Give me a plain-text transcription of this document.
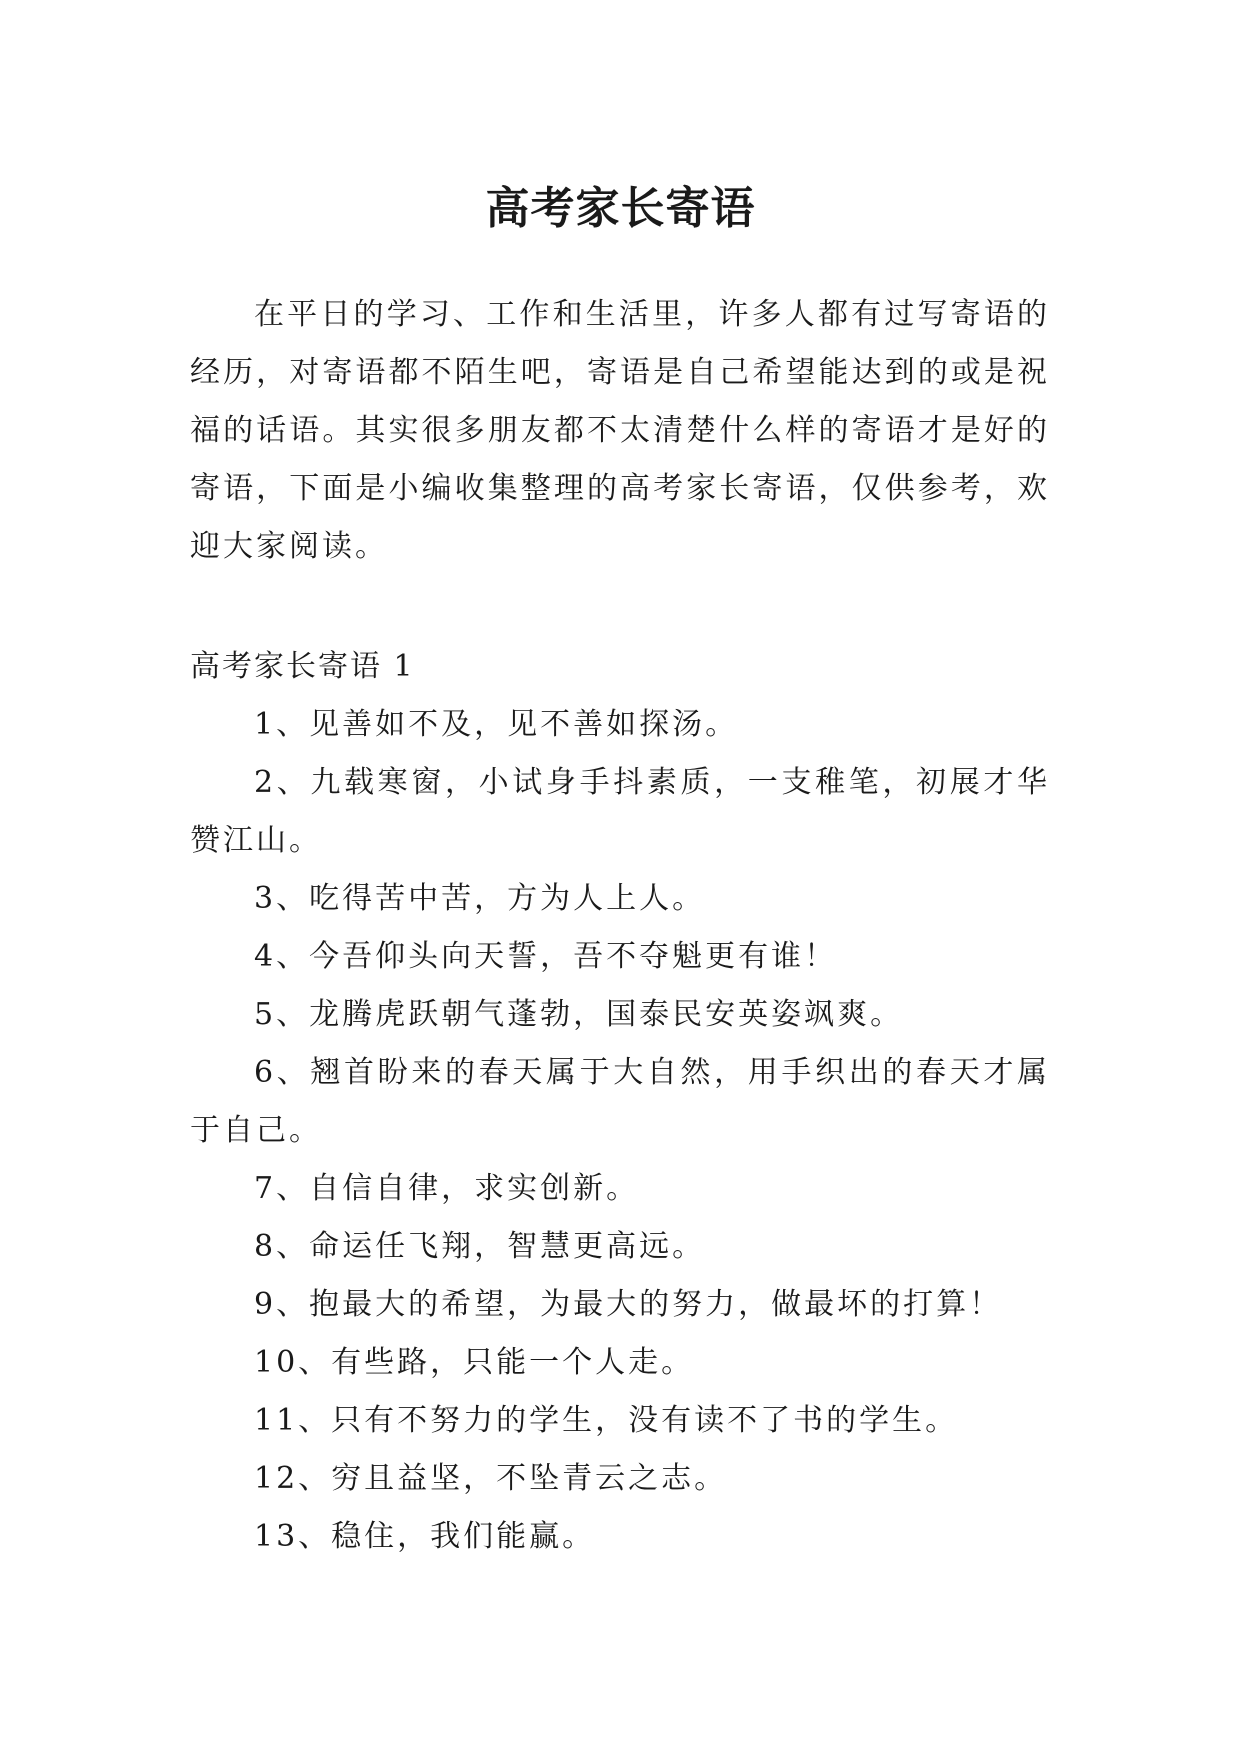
高考家长寄语

在平日的学习、工作和生活里，许多人都有过写寄语的经历，对寄语都不陌生吧，寄语是自己希望能达到的或是祝福的话语。其实很多朋友都不太清楚什么样的寄语才是好的寄语，下面是小编收集整理的高考家长寄语，仅供参考，欢迎大家阅读。

高考家长寄语 1
1、见善如不及，见不善如探汤。
2、九载寒窗，小试身手抖素质，一支稚笔，初展才华赞江山。
3、吃得苦中苦，方为人上人。
4、今吾仰头向天誓，吾不夺魁更有谁！
5、龙腾虎跃朝气蓬勃，国泰民安英姿飒爽。
6、翘首盼来的春天属于大自然，用手织出的春天才属于自己。
7、自信自律，求实创新。
8、命运任飞翔，智慧更高远。
9、抱最大的希望，为最大的努力，做最坏的打算！
10、有些路，只能一个人走。
11、只有不努力的学生，没有读不了书的学生。
12、穷且益坚，不坠青云之志。
13、稳住，我们能赢。
